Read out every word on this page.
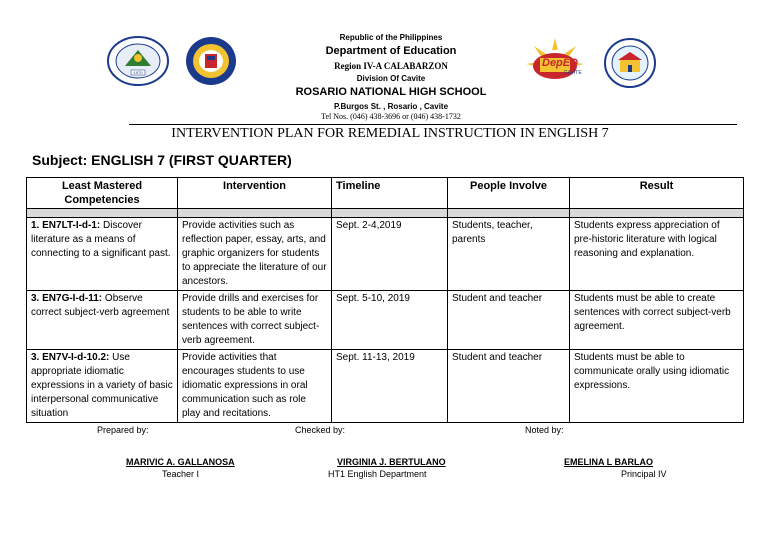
1970
DepED
CAVITE
Republic of the Philippines
Department of Education
Region IV-A CALABARZON
Division Of Cavite
ROSARIO NATIONAL HIGH SCHOOL
P.Burgos St. , Rosario , Cavite
Tel Nos. (046) 438-3696 or (046) 438-1732
INTERVENTION PLAN FOR REMEDIAL INSTRUCTION IN ENGLISH 7
Subject: ENGLISH 7 (FIRST QUARTER)
Least Mastered Competencies	Intervention	Timeline	People Involve	Result

1. EN7LT-I-d-1: Discover literature as a means of connecting to a significant past.	Provide activities such as reflection paper, essay, arts, and graphic organizers for students to appreciate the literature of our ancestors.	Sept. 2-4,2019	Students, teacher, parents	Students express appreciation of pre-historic literature with logical reasoning and explanation.
3. EN7G-I-d-11: Observe correct subject-verb agreement	Provide drills and exercises for students to be able to write sentences with correct subject-verb agreement.	Sept. 5-10, 2019	Student and teacher	Students must be able to create sentences with correct subject-verb agreement.
3. EN7V-I-d-10.2: Use appropriate idiomatic expressions in a variety of basic interpersonal communicative situation	Provide activities that encourages students to use idiomatic expressions in oral communication such as role play and recitations.	Sept. 11-13, 2019	Student and teacher	Students must be able to communicate orally using idiomatic expressions.
Prepared by:	Checked by:	Noted by:
MARIVIC A. GALLANOSA
Teacher I
VIRGINIA J. BERTULANO
HT1 English Department
EMELINA L BARLAO
Principal IV
